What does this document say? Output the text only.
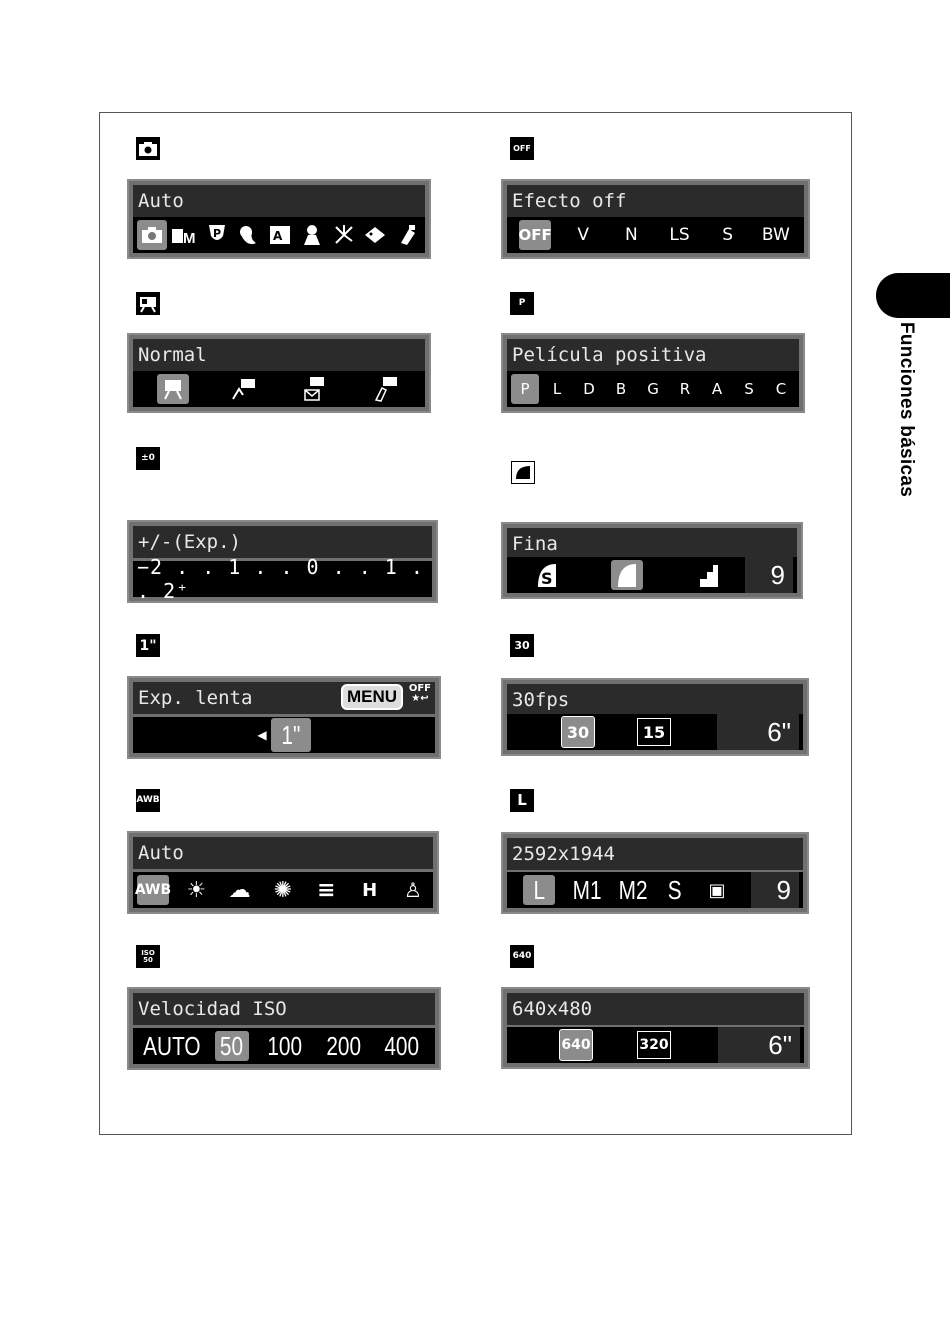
Funciones básicas
Auto
M P	A
OFF
Efecto off
OFF	V	N	LS	S	BW
Normal
P
Película positiva
P	L	D	B	G	R	A	S	C
±0
+/-(Exp.)
−2 . . 1 . . 0 . . 1 . . 2⁺
Fina
S	9
1"
Exp. lenta	MENU	OFF
★↩
◀ 1"
30
30fps
30	15	6"
AWB
Auto
AWB ☀ ☁	✺	≡	H	♙
L
2592x1944
L M1 M2 S	▣	9
ISO
50
Velocidad ISO
AUTO 50 100 200 400
640
640x480
640	320	6"
